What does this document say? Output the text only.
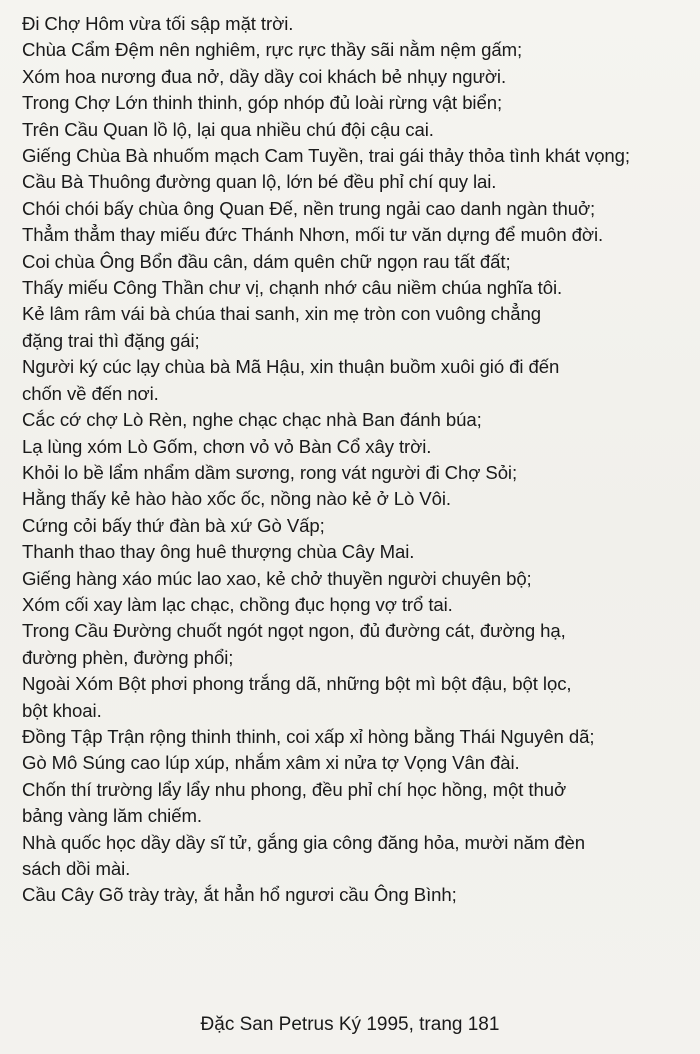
Đi Chợ Hôm vừa tối sập mặt trời.
Chùa Cẩm Đệm nên nghiêm, rực rực thầy sãi nằm nệm gấm;
Xóm hoa nương đua nở, dầy dầy coi khách bẻ nhụy người.
Trong Chợ Lớn thinh thinh, góp nhóp đủ loài rừng vật biển;
Trên Cầu Quan lồ lộ, lại qua nhiều chú đội cậu cai.
Giếng Chùa Bà nhuốm mạch Cam Tuyền, trai gái thảy thỏa tình khát vọng;
Cầu Bà Thuông đường quan lộ, lớn bé đều phỉ chí quy lai.
Chói chói bấy chùa ông Quan Đế, nền trung ngải cao danh ngàn thuở;
Thẳm thẳm thay miếu đức Thánh Nhơn, mối tư văn dựng để muôn đời.
Coi chùa Ông Bổn đầu cân, dám quên chữ ngọn rau tất đất;
Thấy miếu Công Thần chư vị, chạnh nhớ câu niềm chúa nghĩa tôi.
Kẻ lâm râm vái bà chúa thai sanh, xin mẹ tròn con vuông chẳng
đặng trai thì đặng gái;
Người ký cúc lạy chùa bà Mã Hậu, xin thuận buồm xuôi gió đi đến
chốn về đến nơi.
Cắc cớ chợ Lò Rèn, nghe chạc chạc nhà Ban đánh búa;
Lạ lùng xóm Lò Gốm, chơn vỏ vỏ Bàn Cổ xây trời.
Khỏi lo bề lẩm nhẩm dầm sương, rong vát người đi Chợ Sỏi;
Hằng thấy kẻ hào hào xốc ốc, nồng nào kẻ ở Lò Vôi.
Cứng cỏi bấy thứ đàn bà xứ Gò Vấp;
Thanh thao thay ông huê thượng chùa Cây Mai.
Giếng hàng xáo múc lao xao, kẻ chở thuyền người chuyên bộ;
Xóm cối xay làm lạc chạc, chồng đục họng vợ trổ tai.
Trong Cầu Đường chuốt ngót ngọt ngon, đủ đường cát, đường hạ,
đường phèn, đường phổi;
Ngoài Xóm Bột phơi phong trắng dã, những bột mì bột đậu, bột lọc,
bột khoai.
Đồng Tập Trận rộng thinh thinh, coi xấp xỉ hòng bằng Thái Nguyên dã;
Gò Mô Súng cao lúp xúp, nhắm xâm xi nửa tợ Vọng Vân đài.
Chốn thí trường lẩy lẩy nhu phong, đều phỉ chí học hồng, một thuở
bảng vàng lăm chiếm.
Nhà quốc học dầy dầy sĩ tử, gắng gia công đăng hỏa, mười năm đèn
sách dồi mài.
Cầu Cây Gõ trày trày, ắt hẳn hổ ngươi cầu Ông Bình;
Đặc San Petrus Ký 1995, trang 181
